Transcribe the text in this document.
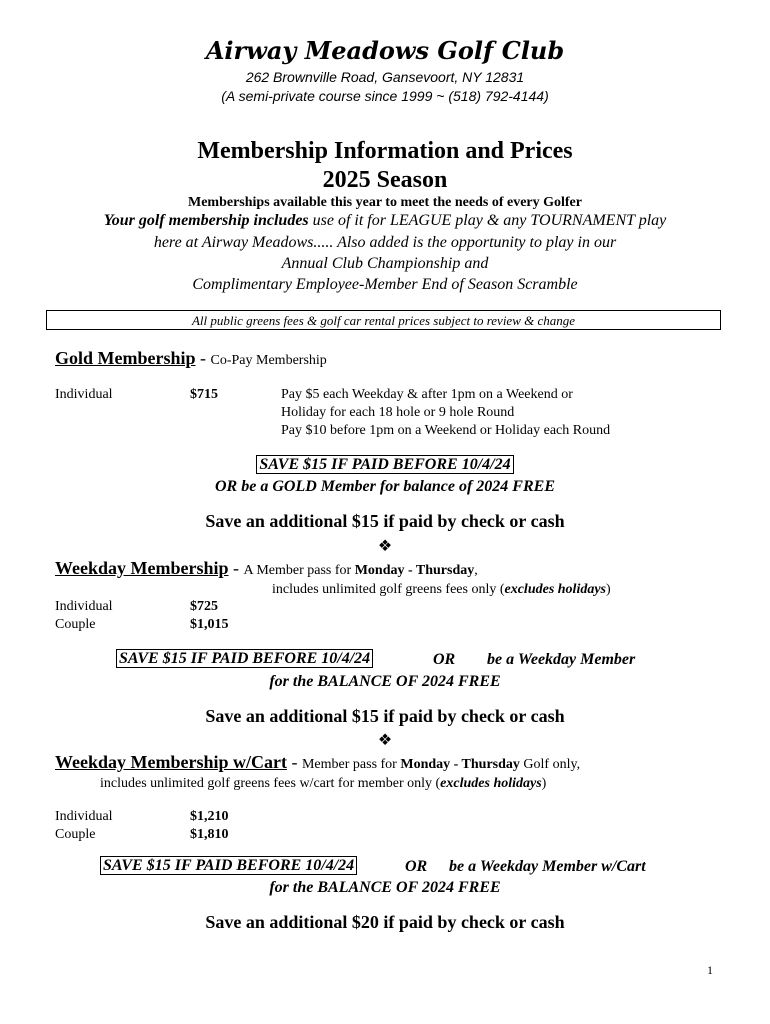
Airway Meadows Golf Club
262 Brownville Road, Gansevoort, NY 12831
(A semi-private course since 1999 ~ (518) 792-4144)
Membership Information and Prices
2025 Season
Memberships available this year to meet the needs of every Golfer
Your golf membership includes use of it for LEAGUE play & any TOURNAMENT play
here at Airway Meadows..... Also added is the opportunity to play in our
Annual Club Championship and
Complimentary Employee-Member End of Season Scramble
All public greens fees & golf car rental prices subject to review & change
Gold Membership - Co-Pay Membership
Individual	$715	Pay $5 each Weekday & after 1pm on a Weekend or
Holiday for each 18 hole or 9 hole Round
Pay $10 before 1pm on a Weekend or Holiday each Round
SAVE $15 IF PAID BEFORE 10/4/24
OR be a GOLD Member for balance of 2024 FREE
Save an additional $15 if paid by check or cash
❖
Weekday Membership - A Member pass for Monday - Thursday,
includes unlimited golf greens fees only (excludes holidays)
Individual	$725
Couple	$1,015
SAVE $15 IF PAID BEFORE 10/4/24	OR be a Weekday Member
for the BALANCE OF 2024 FREE
Save an additional $15 if paid by check or cash
❖
Weekday Membership w/Cart - Member pass for Monday - Thursday Golf only,
includes unlimited golf greens fees w/cart for member only (excludes holidays)
Individual	$1,210
Couple	$1,810
SAVE $15 IF PAID BEFORE 10/4/24	OR be a Weekday Member w/Cart
for the BALANCE OF 2024 FREE
Save an additional $20 if paid by check or cash
1
